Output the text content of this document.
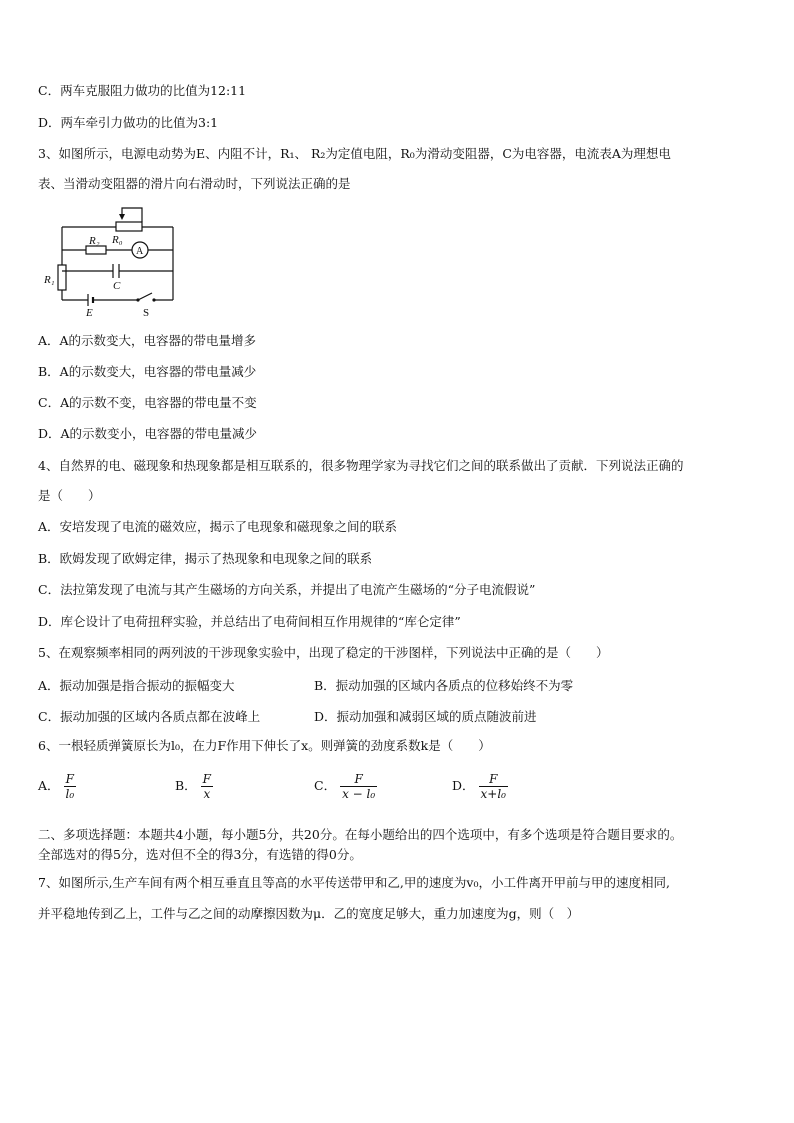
C．两车克服阻力做功的比值为12:11
D．两车牵引力做功的比值为3:1
3、如图所示，电源电动势为E、内阻不计，R₁、 R₂为定值电阻，R₀为滑动变阻器，C为电容器，电流表A为理想电
表、当滑动变阻器的滑片向右滑动时，下列说法正确的是
R₀
R₂
A
R₁	C
E	S
A．A的示数变大，电容器的带电量增多
B．A的示数变大，电容器的带电量减少
C．A的示数不变，电容器的带电量不变
D．A的示数变小，电容器的带电量减少
4、自然界的电、磁现象和热现象都是相互联系的，很多物理学家为寻找它们之间的联系做出了贡献．下列说法正确的
是（　　）
A．安培发现了电流的磁效应，揭示了电现象和磁现象之间的联系
B．欧姆发现了欧姆定律，揭示了热现象和电现象之间的联系
C．法拉第发现了电流与其产生磁场的方向关系，并提出了电流产生磁场的“分子电流假说”
D．库仑设计了电荷扭秤实验，并总结出了电荷间相互作用规律的“库仑定律”
5、在观察频率相同的两列波的干涉现象实验中，出现了稳定的干涉图样，下列说法中正确的是（　　）
A．振动加强是指合振动的振幅变大	B．振动加强的区域内各质点的位移始终不为零
C．振动加强的区域内各质点都在波峰上	D．振动加强和减弱区域的质点随波前进
6、一根轻质弹簧原长为l₀，在力F作用下伸长了x。则弹簧的劲度系数k是（　　）
A． $\frac{F}{\text{l₀}}$	B． $\frac{F}{x}$	C． $\frac{F}{\text{x − l₀}}$	D． $\frac{F}{\text{x+l₀}}$
二、多项选择题：本题共4小题，每小题5分，共20分。在每小题给出的四个选项中，有多个选项是符合题目要求的。
全部选对的得5分，选对但不全的得3分，有选错的得0分。
7、如图所示,生产车间有两个相互垂直且等高的水平传送带甲和乙,甲的速度为v₀，小工件离开甲前与甲的速度相同,
并平稳地传到乙上，工件与乙之间的动摩擦因数为μ．乙的宽度足够大，重力加速度为g，则（　）
